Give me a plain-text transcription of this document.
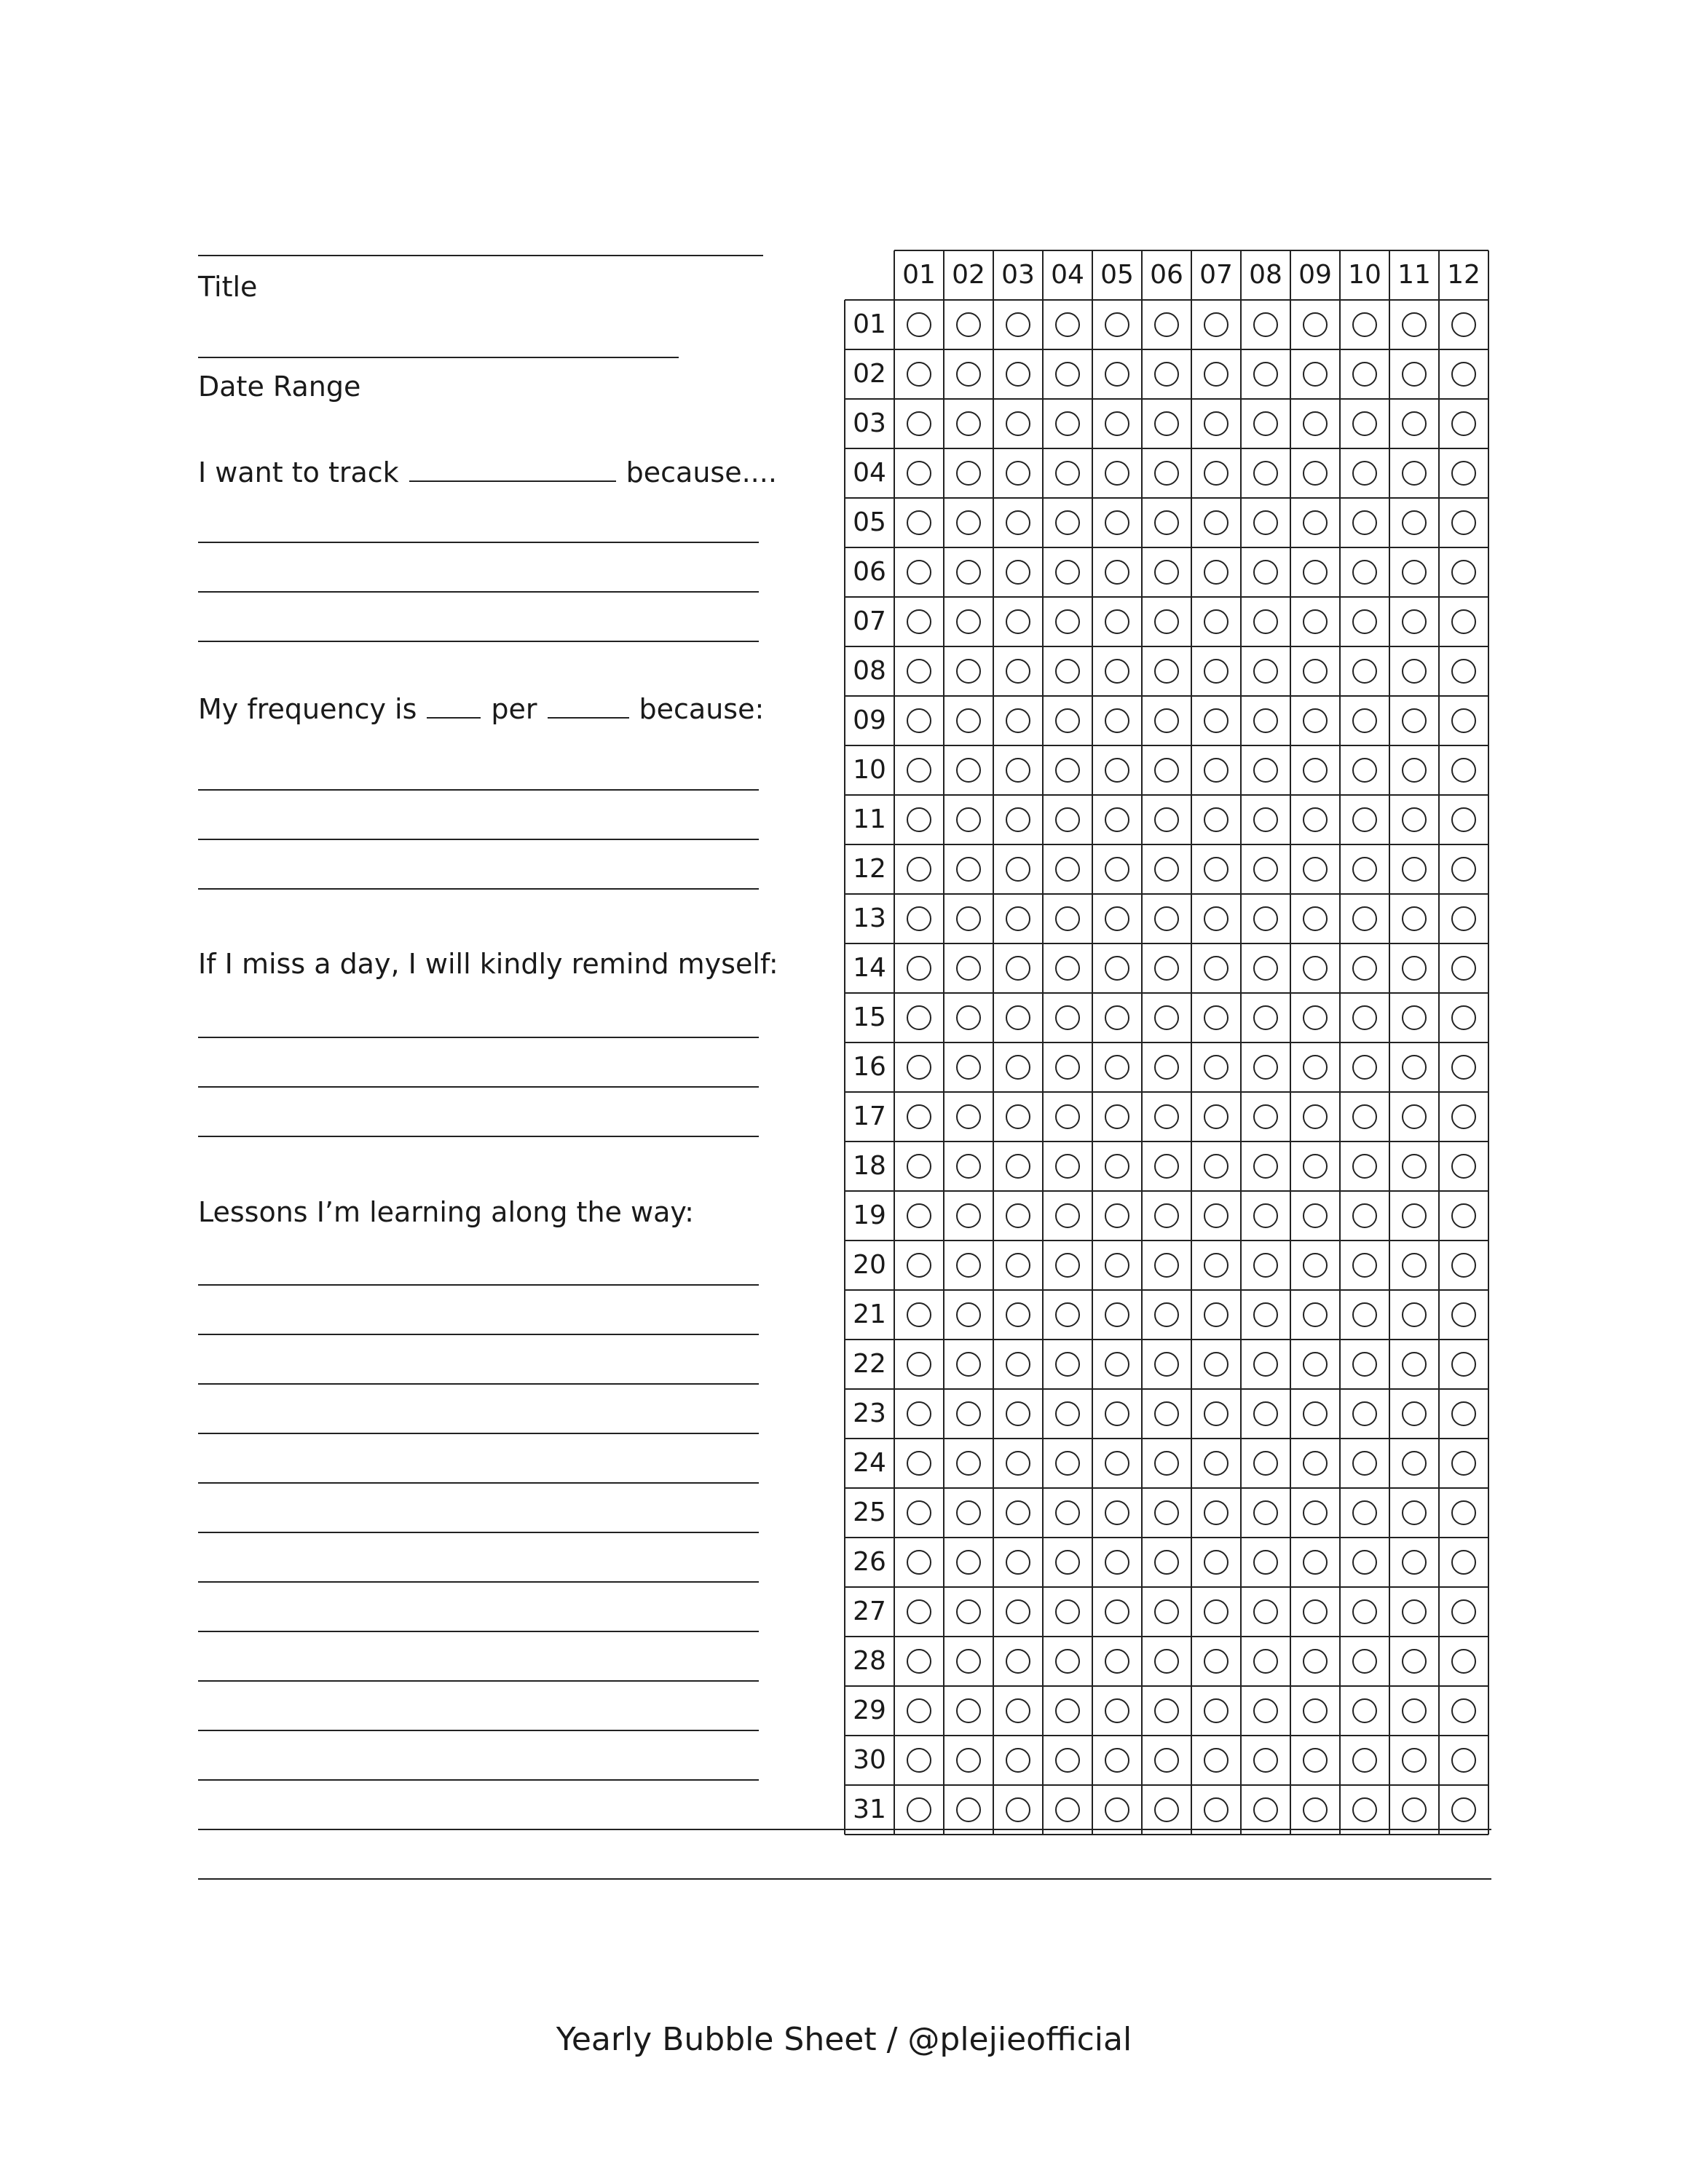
Title
Date Range
I want to track	because....
My frequency is	per	because:
If I miss a day, I will kindly remind myself:
Lessons I’m learning along the way:
01 02 03 04 05 06 07 08 09 10 11 12
01
02
03
04
05
06
07
08
09
10
11
12
13
14
15
16
17
18
19
20
21
22
23
24
25
26
27
28
29
30
31
Yearly Bubble Sheet / @plejieofficial
